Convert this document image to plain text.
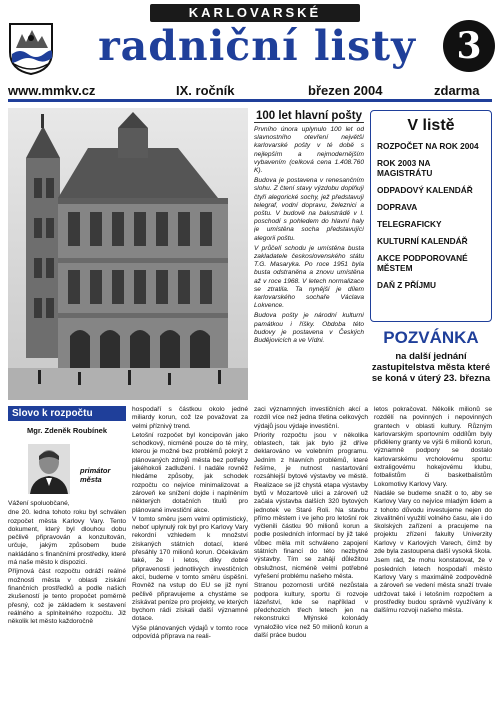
KARLOVARSKÉ
radniční listy	3
www.mmkv.cz	IX. ročník	březen 2004	zdarma
100 let hlavní pošty

Prvního února uplynulo 100 let od slavnostního otevření největší karlovarské pošty v té době s nejlepším a nejmodernějším vybavením (celková cena 1.408.760 K).

Budova je postavena v renesančním slohu. Z čtení stavy výzdobu doplňují čtyři alegorické sochy, jež představují telegraf, vodní dopravu, železnici a poštu. V budově na balustrádě v I. poschodí s pohledem do hlavní haly je umístěna socha představující alegorii poštu.

V průčelí schodu je umístěna busta zakladatele československého státu T.G. Masaryka. Po roce 1951 byla busta odstraněna a znovu umístěna až v roce 1968. V letech normalizace se ztratila. Ta nynější je dílem karlovarského sochaře Václava Lokvence.

Budova pošty je národní kulturní památkou i říšky. Obdoba této budovy je postavena v Českých Budějovicích a ve Vídni.

V listě
ROZPOČET NA ROK 2004
ROK 2003 NA MAGISTRÁTU
ODPADOVÝ KALENDÁŘ
DOPRAVA
TELEGRAFICKY
KULTURNÍ KALENDÁŘ
AKCE PODPOROVANÉ MĚSTEM
DAŇ Z PŘÍJMU
POZVÁNKA

na další jednání zastupitelstva města které se koná v úterý 23. března

Slovo k rozpočtu
Mgr. Zdeněk Roubínek
primátor města

Vážení spoluobčané,

dne 20. ledna tohoto roku byl schválen rozpočet města Karlovy Vary. Tento dokument, který byl dlouhou dobu pečlivě připravován a konzultován, určuje, jakým způsobem bude nakládáno s finančními prostředky, které má naše město k dispozici.

Příjmová část rozpočtu odráží reálné možnosti města v oblasti získání finančních prostředků a podle našich zkušeností je tento propočet poměrně přesný, což je základem k sestavení reálného a splnitelného rozpočtu. Již několik let město každoročně

hospodaří s částkou okolo jedné miliardy korun, což lze považovat za velmi příznivý trend.

Letošní rozpočet byl koncipován jako schodkový, nicméně pouze do té míry, kterou je možné bez problémů pokrýt z plánovaných zdrojů města bez potřeby jakéhokoli zadlužení. I nadále rovněž hledáme způsoby, jak schodek rozpočtu co nejvíce minimalizovat a zároveň ke snížení dojde i naplněním některých dotačních titulů pro plánované investiční akce.

V tomto směru jsem velmi optimistický, neboť uplynulý rok byl pro Karlovy Vary rekordní vzhledem k množství získaných státních dotací, které přesáhly 170 milionů korun. Očekávám také, že i letos, díky dobré připravenosti jednotlivých investičních akcí, budeme v tomto směru úspěšní. Rovněž na vstup do EU se již nyní pečlivě připravujeme a chystáme se získávat peníze pro projekty, ve kterých bychom rádi získali další významné dotace.

Výše plánovaných výdajů v tomto roce odpovídá příprava na reali-

zaci významných investičních akcí a rozdíl více než jedna třetina celkových výdajů jsou výdaje investiční.

Priority rozpočtu jsou v několika oblastech, tak jak bylo již dříve deklarováno ve volebním programu. Jedním z hlavních problémů, které řešíme, je nutnost nastartování rozsáhlejší bytové výstavby ve městě. Realizace se již chystá etapa výstavby bytů v Mozartově ulici a zároveň už začala výstavba dalších 320 bytových jednotek ve Staré Roli. Na stavbu přímo městem i ve jeho pro letošní rok vyčlenili částku 90 milionů korun a podle posledních informací by již také vůbec měla mít schváleno zapojení státních financí do této nezbytné výstavby. Tím se zahájí důležitou obslužnost, nicméně velmi potřebné vyřešení problému našeho města.

Stranou pozornosti určitě nezůstala podpora kultury, sportu či rozvoje lázeňství, kde se například v předchozích třech letech jen na rekonstrukci Mlýnské kolonády vynaložilo více než 50 milionů korun a další práce budou

letos pokračovat. Několik milionů se rozdělí na povinných i nepovinných grantech v oblasti kultury. Různým karlovarským sportovním oddílům byly přiděleny granty ve výši 6 milionů korun, významně podpory se dostalo karlovarskému vrcholovému sportu: extraligovému hokejovému klubu, fotbalistům či basketbalistům Lokomotivy Karlovy Vary.

Nadále se budeme snažit o to, aby se Karlovy Vary co nejvíce mladým lidem a z tohoto důvodu investujeme nejen do zkvalitnění využití volného času, ale i do školských zařízení a pracujeme na projektu zřízení fakulty Univerzity Karlovy v Karlových Varech, čímž by zde byla zastoupena další vysoká škola.

Jsem rád, že mohu konstatovat, že v posledních letech hospodaří město Karlovy Vary s maximálně zodpovědně a zároveň se vedení města snaží trvale udržovat také i letošním rozpočtem a prostředky budou správně využívány k dalšímu rozvoji našeho města.
